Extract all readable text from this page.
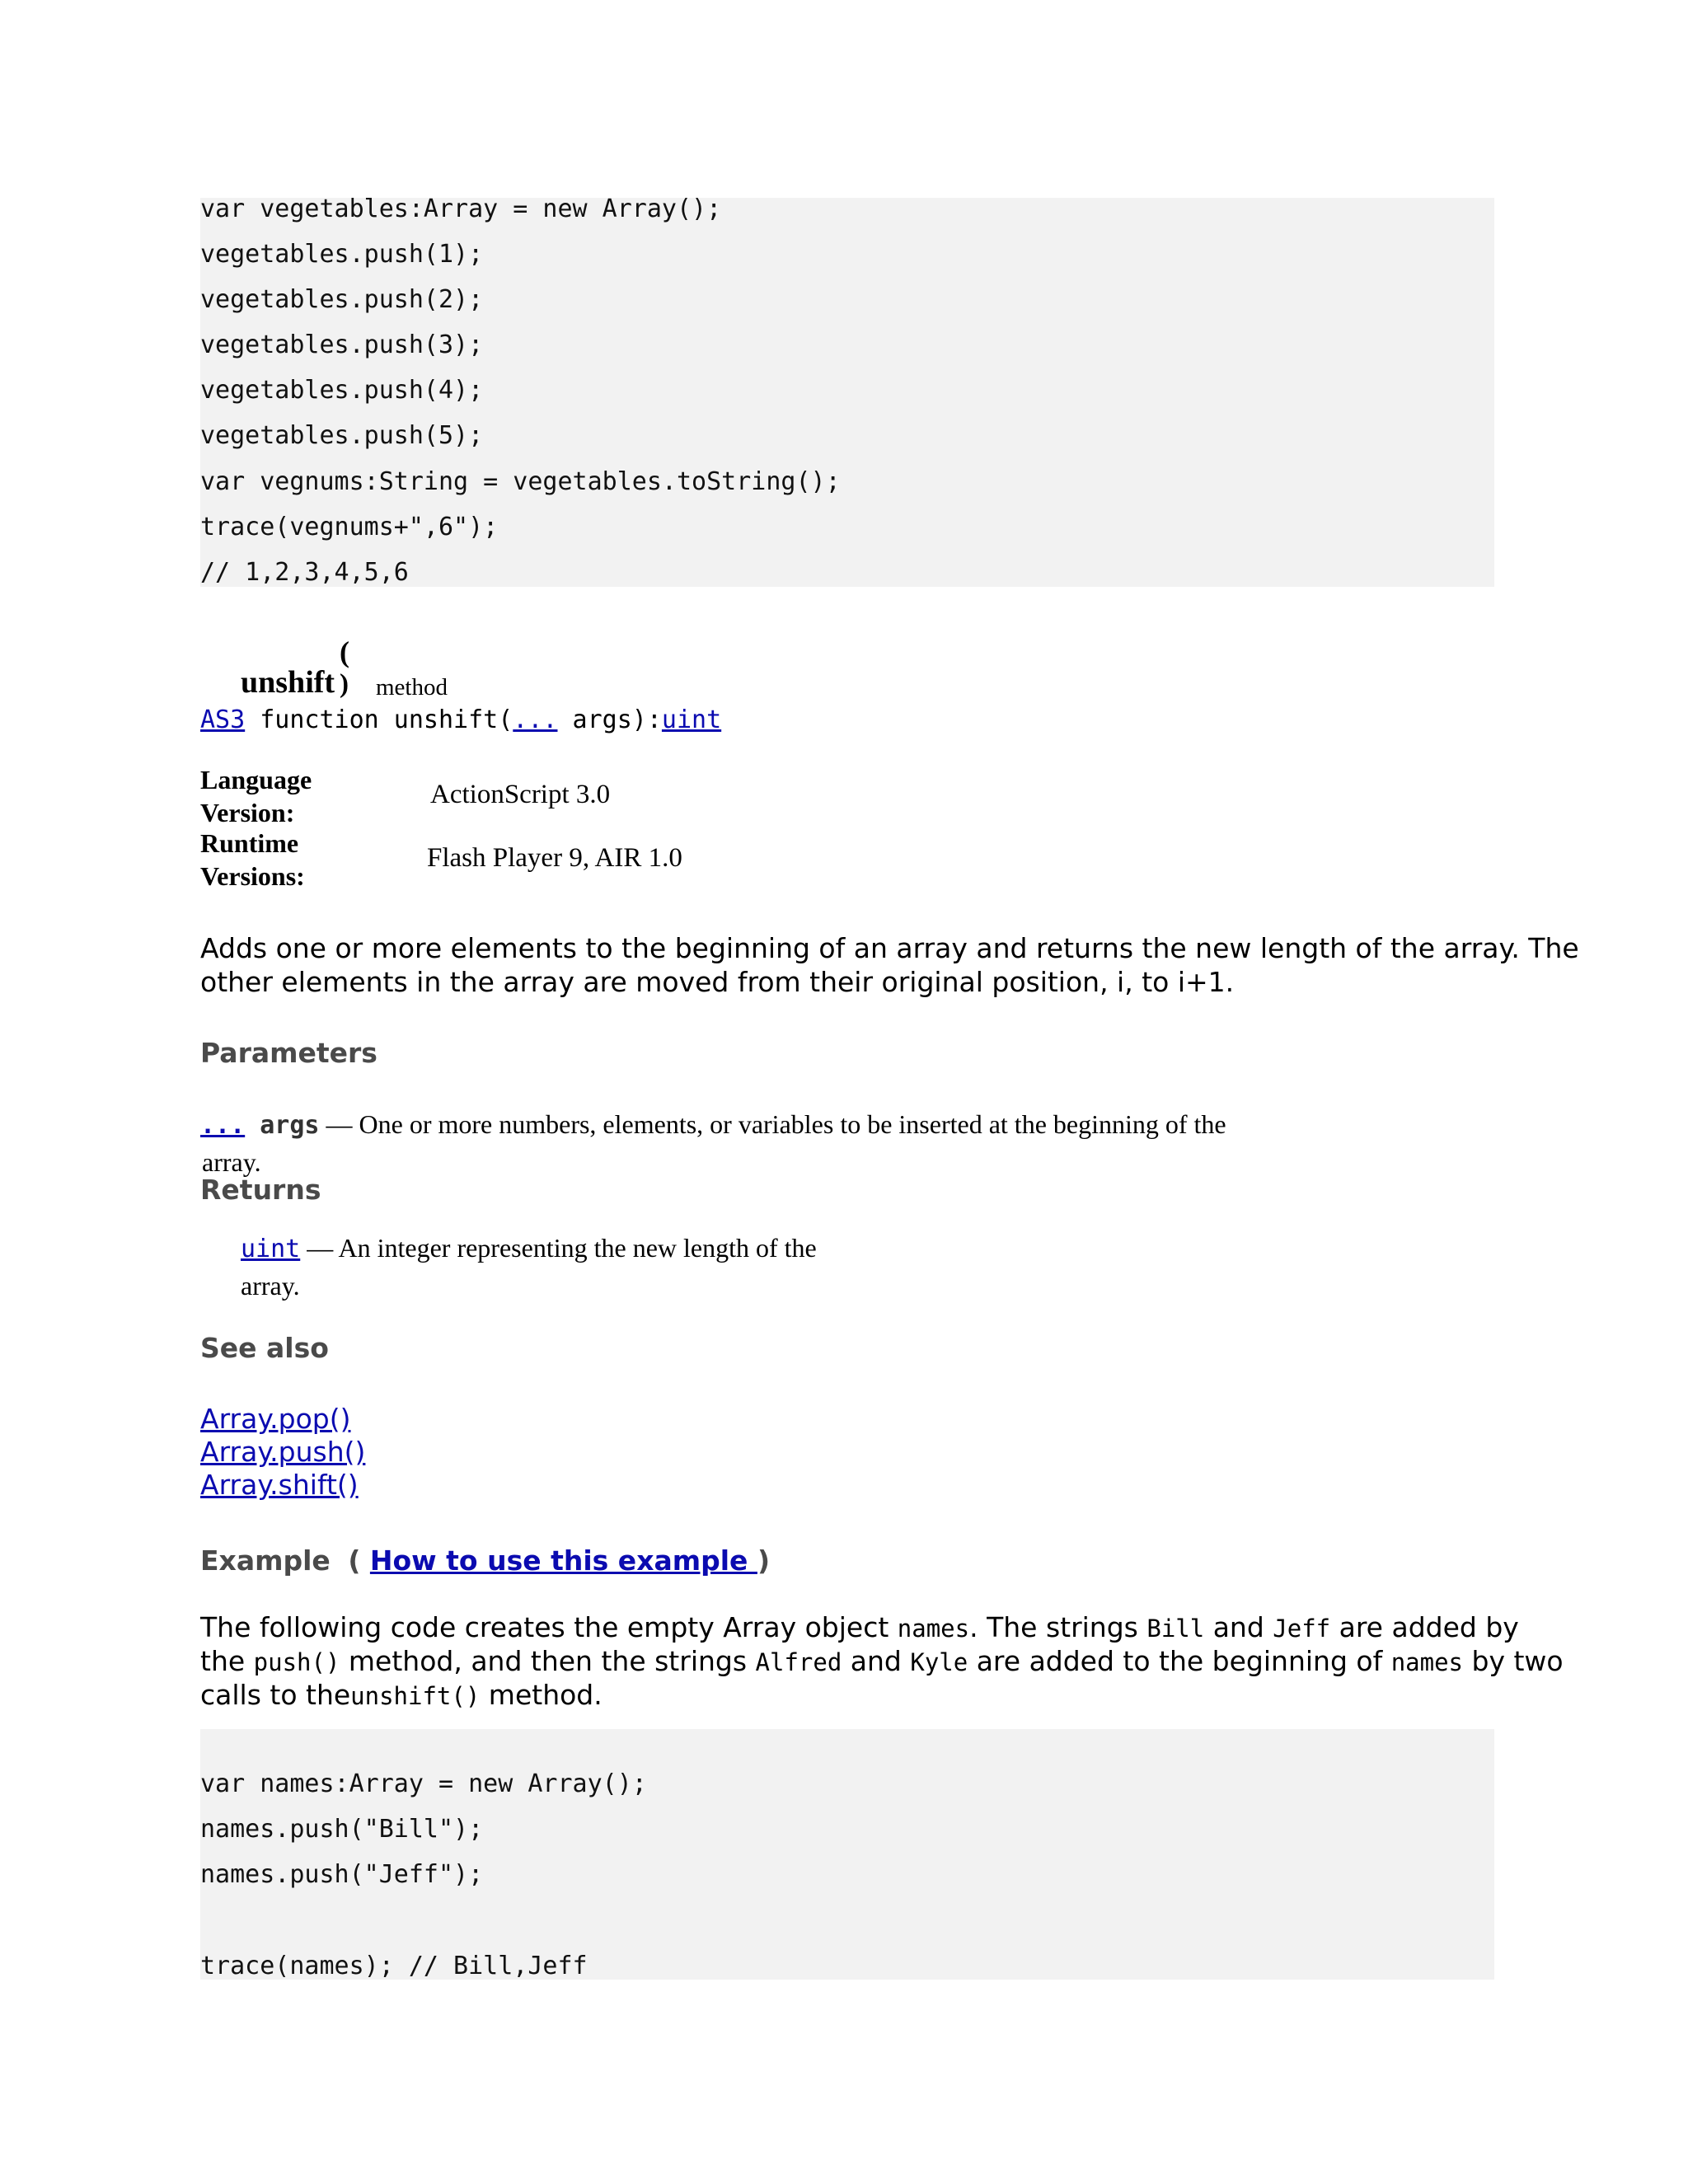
var vegetables:Array = new Array();
vegetables.push(1);
vegetables.push(2);
vegetables.push(3);
vegetables.push(4);
vegetables.push(5);
var vegnums:String = vegetables.toString();
trace(vegnums+",6");
// 1,2,3,4,5,6
unshift
(
) method
AS3 function unshift(... args):uint
Language
Version:
ActionScript 3.0
Runtime
Versions:
Flash Player 9, AIR 1.0
Adds one or more elements to the beginning of an array and returns the new length of the array. The
other elements in the array are moved from their original position, i, to i+1.
Parameters
... args — One or more numbers, elements, or variables to be inserted at the beginning of the
array.
Returns
uint — An integer representing the new length of the
array.
See also
Array.pop()
Array.push()
Array.shift()
Example ( How to use this example )
The following code creates the empty Array object names. The strings Bill and Jeff are added by
the push() method, and then the strings Alfred and Kyle are added to the beginning of names by two
calls to theunshift() method.
var names:Array = new Array();
names.push("Bill");
names.push("Jeff");
trace(names); // Bill,Jeff
